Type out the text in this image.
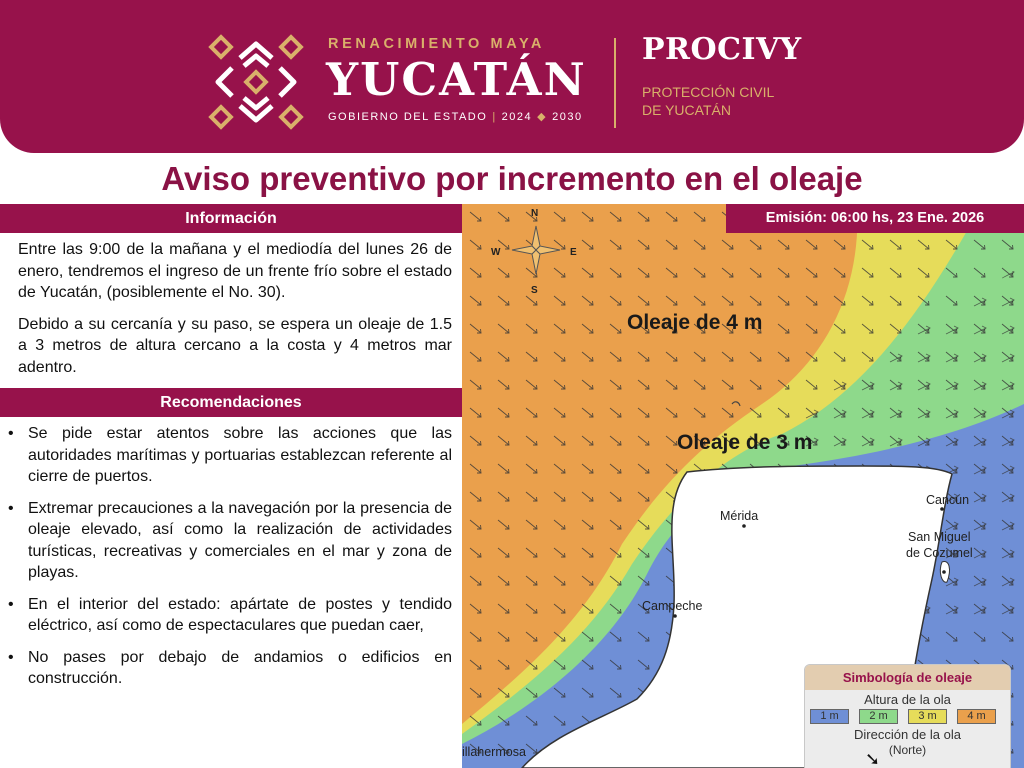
RENACIMIENTO MAYA
YUCATÁN
GOBIERNO DEL ESTADO | 2024 ◆ 2030
PROCIVY
PROTECCIÓN CIVIL
DE YUCATÁN
Aviso preventivo por incremento en el oleaje
Información

Entre las 9:00 de la mañana y el mediodía del lunes 26 de enero, tendremos el ingreso de un frente frío sobre el estado de Yucatán, (posiblemente el No. 30).

Debido a su cercanía y su paso, se espera un oleaje de 1.5 a 3 metros de altura cercano a la costa y 4 metros mar adentro.

Recomendaciones
• Se pide estar atentos sobre las acciones que las autoridades marítimas y portuarias establezcan referente al cierre de puertos.
• Extremar precauciones a la navegación por la presencia de oleaje elevado, así como la realización de actividades turísticas, recreativas y comerciales en el mar y zona de playas.
• En el interior del estado: apártate de postes y tendido eléctrico, así como de espectaculares que puedan caer,
• No pases por debajo de andamios o edificios en construcción.
N
S
E
W
Emisión: 06:00 hs, 23 Ene. 2026
Oleaje de 4 m
Oleaje de 3 m
Mérida
Cancún
San Miguel
de Cozumel
Campeche
illahermosa
Simbología de oleaje
Altura de la ola
1 m	2 m	3 m	4 m
Dirección de la ola
(Norte)
➘
